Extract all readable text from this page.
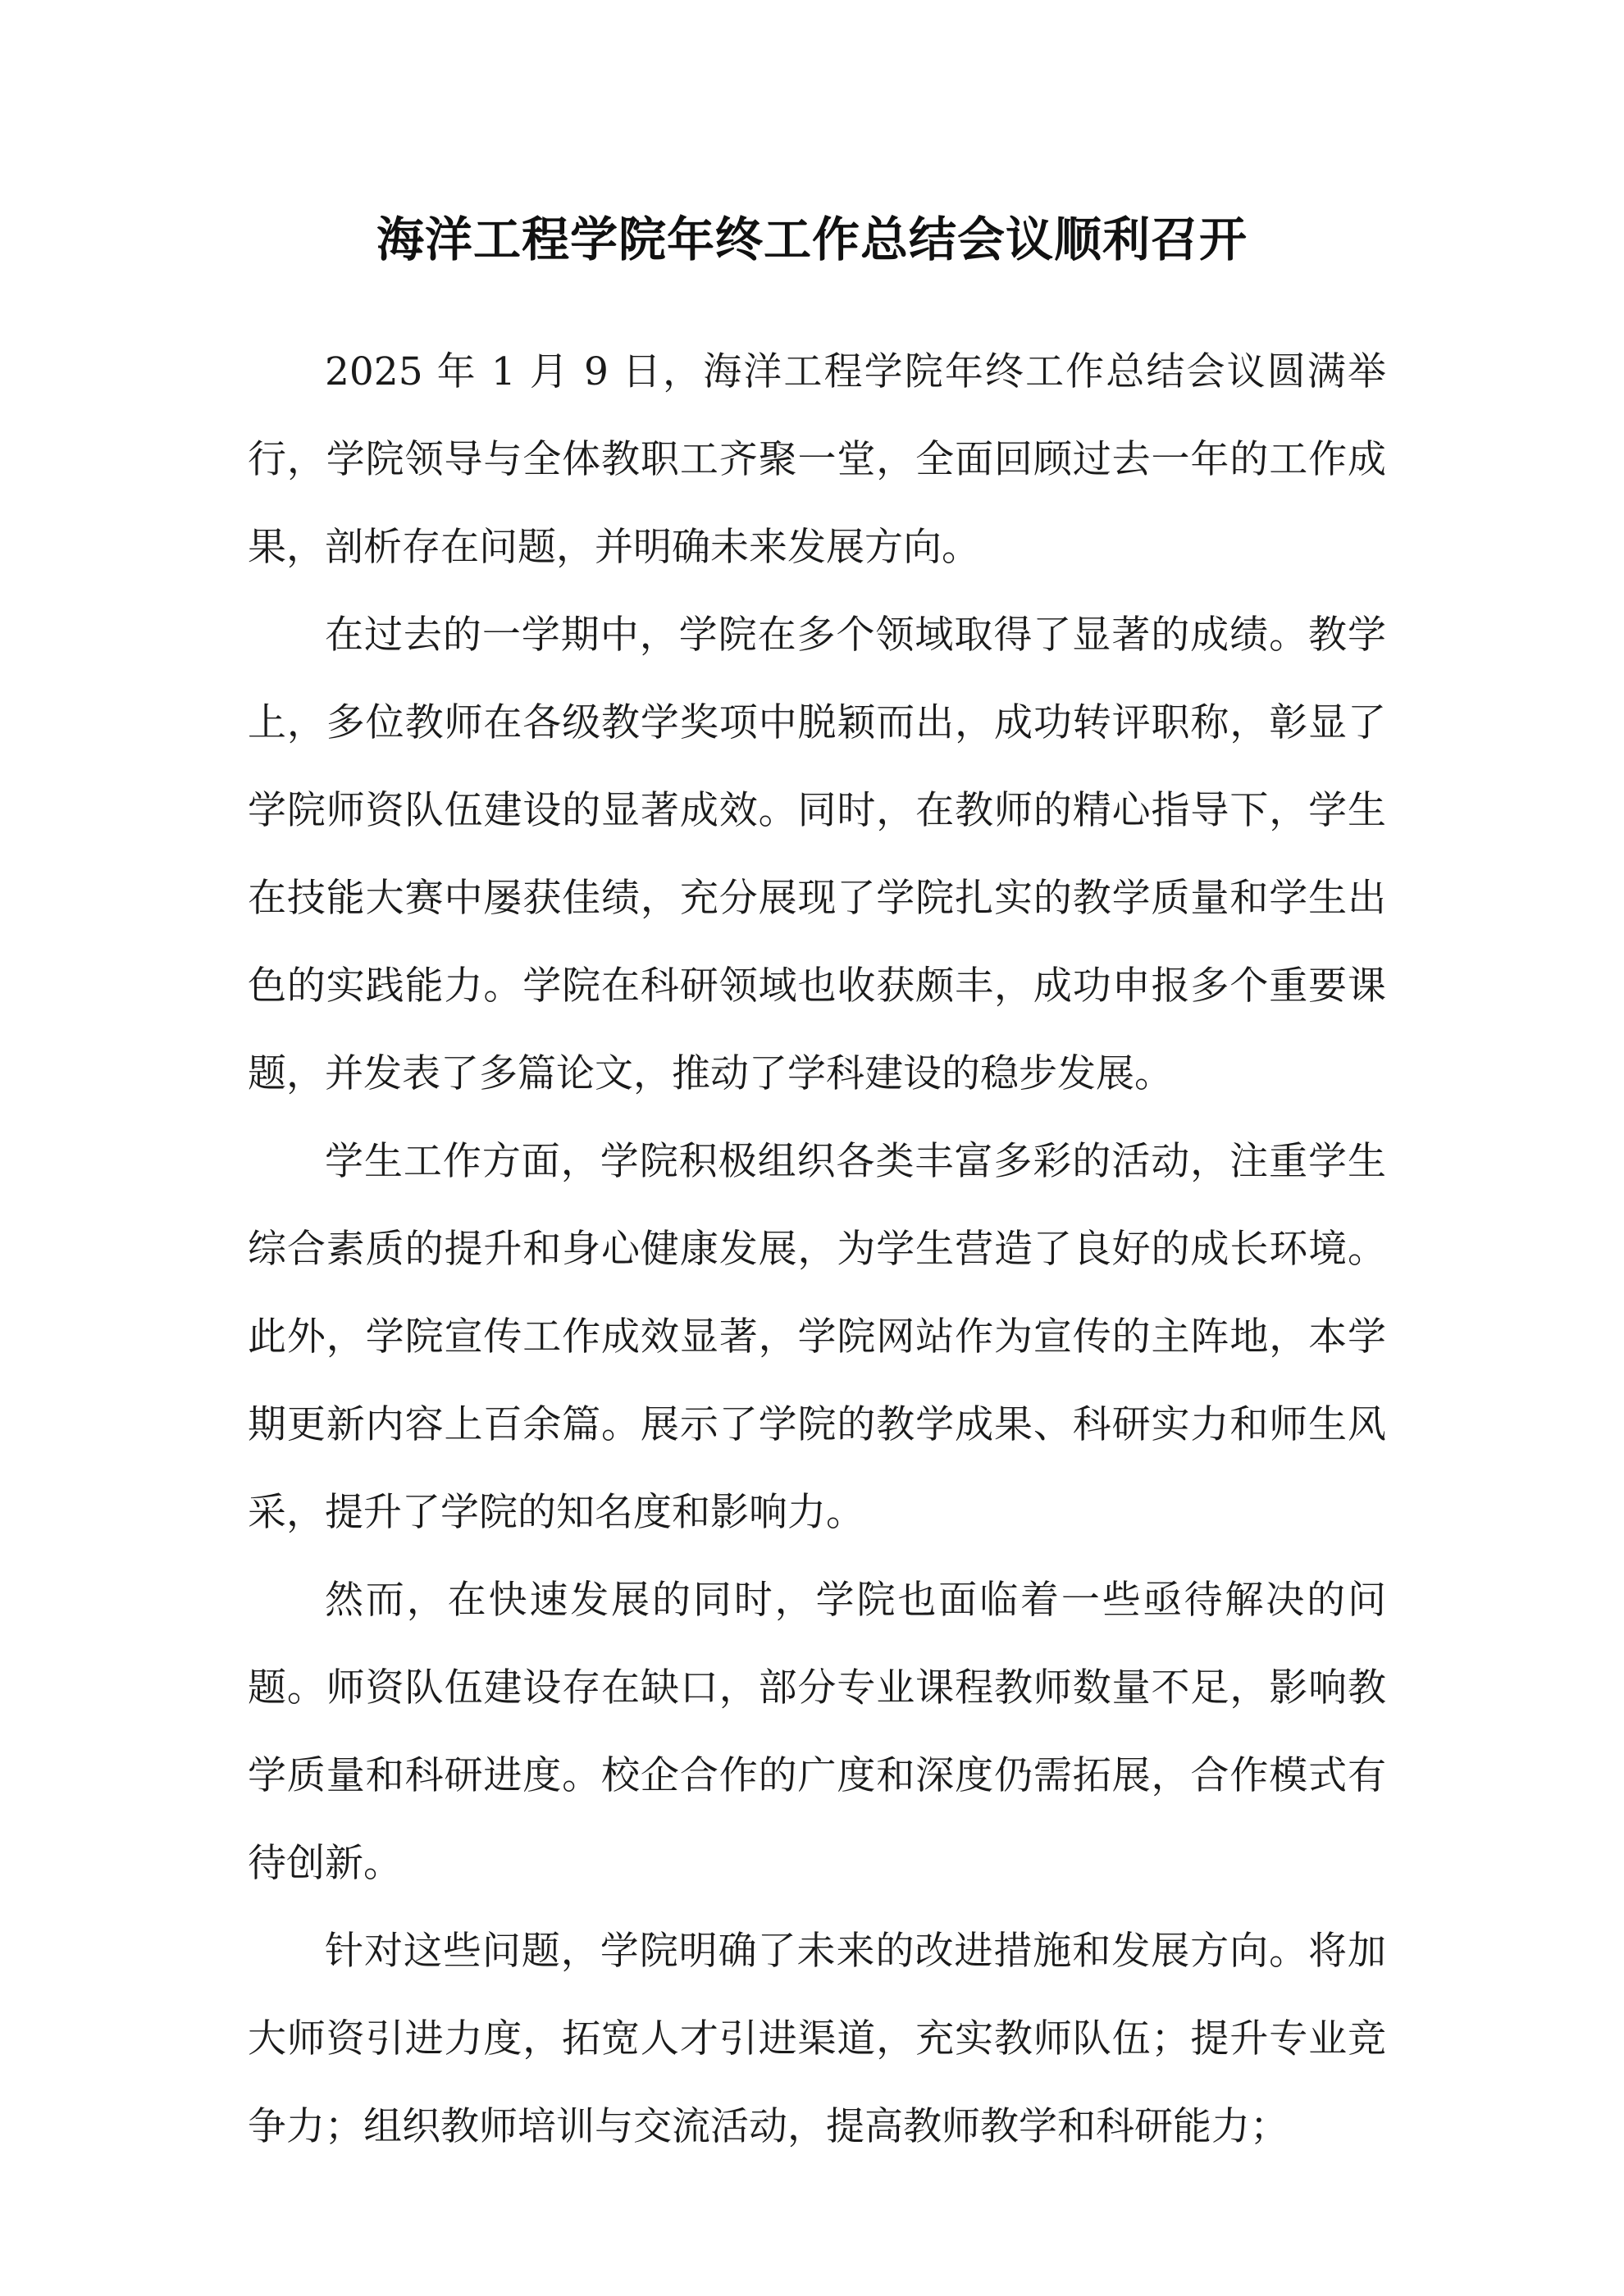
海洋工程学院年终工作总结会议顺利召开

2025 年 1 月 9 日，海洋工程学院年终工作总结会议圆满举行，学院领导与全体教职工齐聚一堂，全面回顾过去一年的工作成果，剖析存在问题，并明确未来发展方向。

在过去的一学期中，学院在多个领域取得了显著的成绩。教学上，多位教师在各级教学奖项中脱颖而出，成功转评职称，彰显了学院师资队伍建设的显著成效。同时，在教师的精心指导下，学生在技能大赛中屡获佳绩，充分展现了学院扎实的教学质量和学生出色的实践能力。学院在科研领域也收获颇丰，成功申报多个重要课题，并发表了多篇论文，推动了学科建设的稳步发展。

学生工作方面，学院积极组织各类丰富多彩的活动，注重学生综合素质的提升和身心健康发展，为学生营造了良好的成长环境。此外，学院宣传工作成效显著，学院网站作为宣传的主阵地，本学期更新内容上百余篇。展示了学院的教学成果、科研实力和师生风采，提升了学院的知名度和影响力。

然而，在快速发展的同时，学院也面临着一些亟待解决的问题。师资队伍建设存在缺口，部分专业课程教师数量不足，影响教学质量和科研进度。校企合作的广度和深度仍需拓展，合作模式有待创新。

针对这些问题，学院明确了未来的改进措施和发展方向。将加大师资引进力度，拓宽人才引进渠道，充实教师队伍；提升专业竞争力；组织教师培训与交流活动，提高教师教学和科研能力；
